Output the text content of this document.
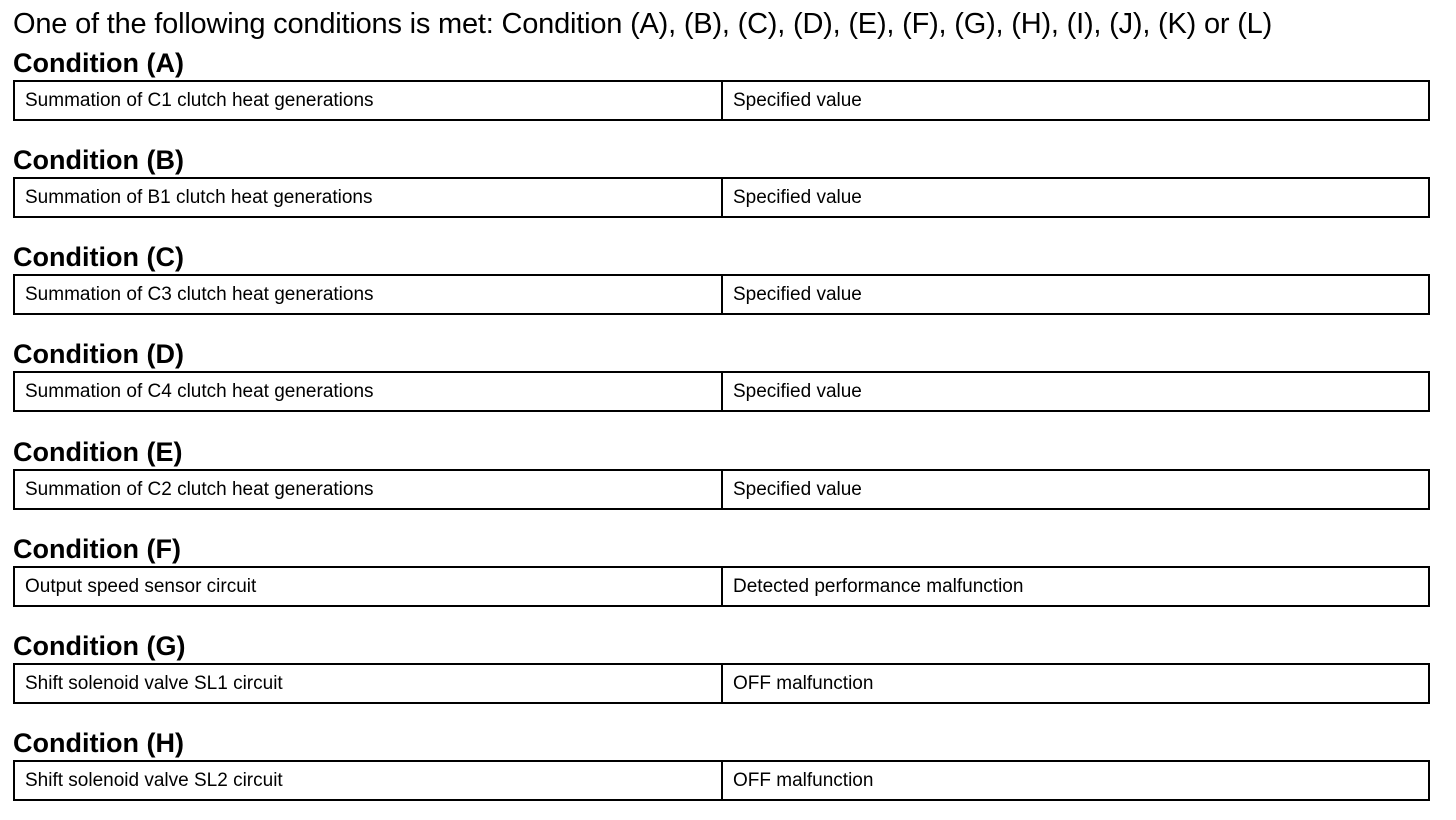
One of the following conditions is met: Condition (A), (B), (C), (D), (E), (F), (G), (H), (I), (J), (K) or (L)
Condition (A)
Summation of C1 clutch heat generations	Specified value
Condition (B)
Summation of B1 clutch heat generations	Specified value
Condition (C)
Summation of C3 clutch heat generations	Specified value
Condition (D)
Summation of C4 clutch heat generations	Specified value
Condition (E)
Summation of C2 clutch heat generations	Specified value
Condition (F)
Output speed sensor circuit	Detected performance malfunction
Condition (G)
Shift solenoid valve SL1 circuit	OFF malfunction
Condition (H)
Shift solenoid valve SL2 circuit	OFF malfunction
